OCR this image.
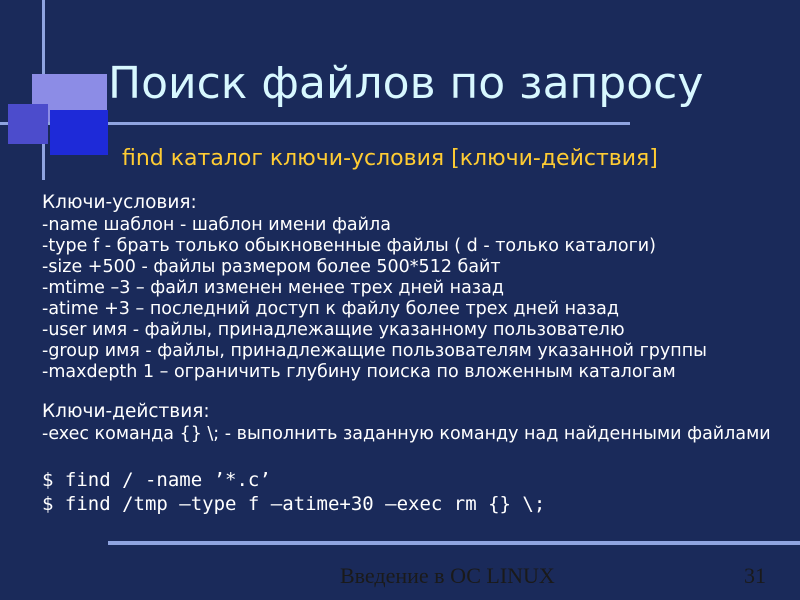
Поиск файлов по запросу
find каталог ключи-условия [ключи-действия]
Ключи-условия:
-name шаблон - шаблон имени файла
-type f - брать только обыкновенные файлы ( d - только каталоги)
-size +500 - файлы размером более 500*512 байт
-mtime –3 – файл изменен менее трех дней назад
-atime +3 – последний доступ к файлу более трех дней назад
-user имя - файлы, принадлежащие указанному пользователю
-group имя - файлы, принадлежащие пользователям указанной группы
-maxdepth 1 – ограничить глубину поиска по вложенным каталогам
Ключи-действия:
-exec команда {} \; - выполнить заданную команду над найденными файлами
$ find / -name ’*.c’
$ find /tmp –type f –atime+30 –exec rm {} \;
Введение в ОС LINUX	31
